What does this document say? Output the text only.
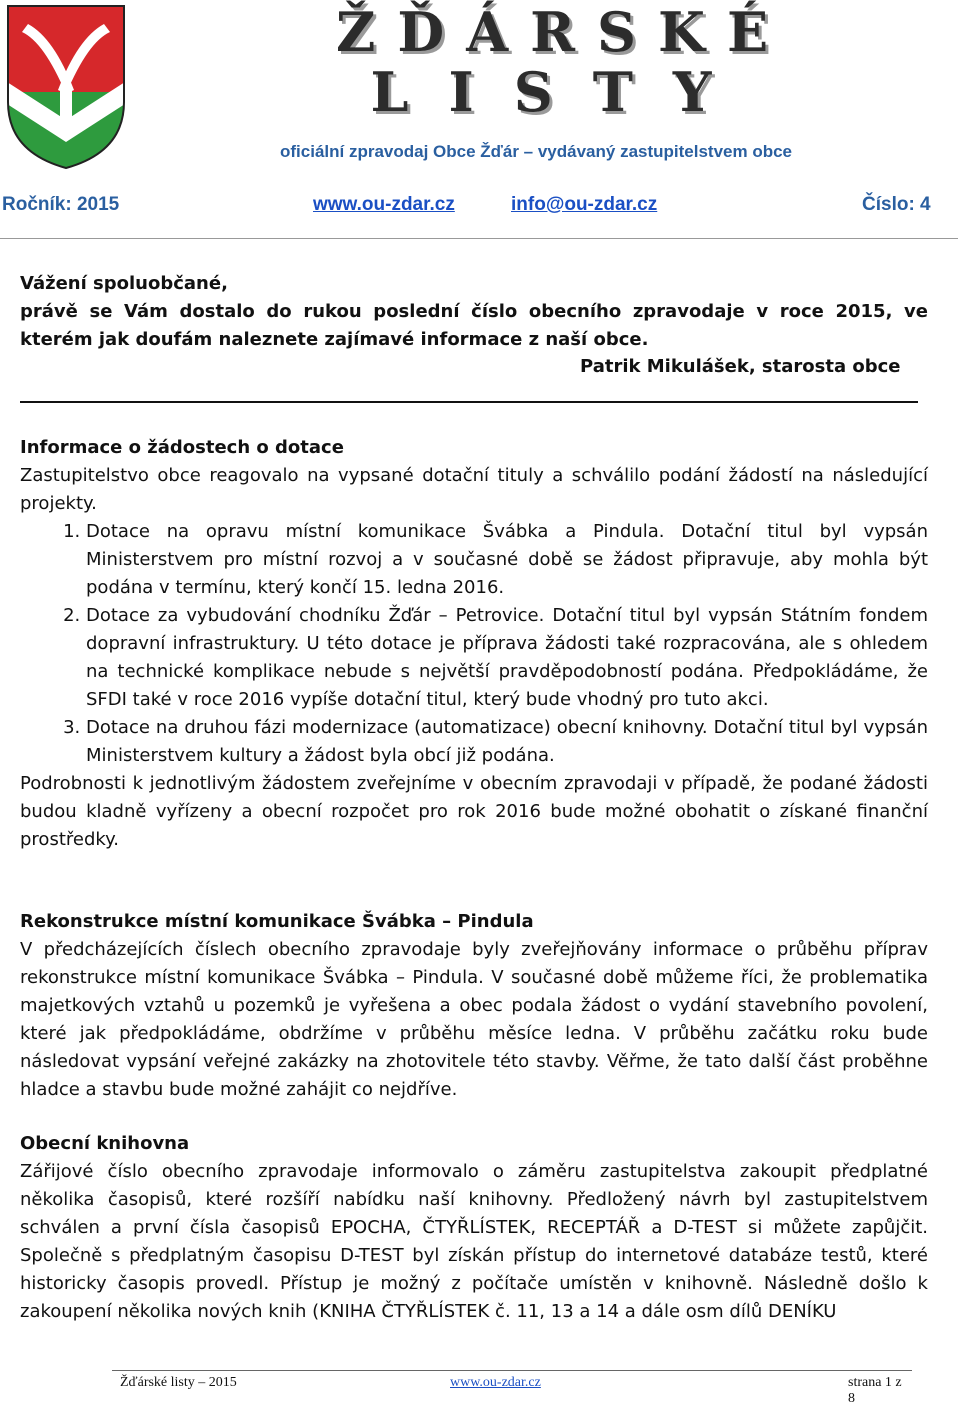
ŽĎÁRSKÉ
LISTY
oficiální zpravodaj Obce Žďár – vydávaný zastupitelstvem obce
Ročník: 2015	www.ou-zdar.cz	info@ou-zdar.cz	Číslo: 4
Vážení spoluobčané,

právě se Vám dostalo do rukou poslední číslo obecního zpravodaje v roce 2015, ve kterém jak doufám naleznete zajímavé informace z naší obce.

Patrik Mikulášek, starosta obce
Informace o žádostech o dotace

Zastupitelstvo obce reagovalo na vypsané dotační tituly a schválilo podání žádostí na následující projekty.

1. Dotace na opravu místní komunikace Švábka a Pindula. Dotační titul byl vypsán Ministerstvem pro místní rozvoj a v současné době se žádost připravuje, aby mohla být podána v termínu, který končí 15. ledna 2016.
2. Dotace za vybudování chodníku Žďár – Petrovice. Dotační titul byl vypsán Státním fondem dopravní infrastruktury. U této dotace je příprava žádosti také rozpracována, ale s ohledem na technické komplikace nebude s největší pravděpodobností podána. Předpokládáme, že SFDI také v roce 2016 vypíše dotační titul, který bude vhodný pro tuto akci.
3. Dotace na druhou fázi modernizace (automatizace) obecní knihovny. Dotační titul byl vypsán Ministerstvem kultury a žádost byla obcí již podána.

Podrobnosti k jednotlivým žádostem zveřejníme v obecním zpravodaji v případě, že podané žádosti budou kladně vyřízeny a obecní rozpočet pro rok 2016 bude možné obohatit o získané finanční prostředky.

Rekonstrukce místní komunikace Švábka – Pindula

V předcházejících číslech obecního zpravodaje byly zveřejňovány informace o průběhu příprav rekonstrukce místní komunikace Švábka – Pindula. V současné době můžeme říci, že problematika majetkových vztahů u pozemků je vyřešena a obec podala žádost o vydání stavebního povolení, které jak předpokládáme, obdržíme v průběhu měsíce ledna. V průběhu začátku roku bude následovat vypsání veřejné zakázky na zhotovitele této stavby. Věřme, že tato další část proběhne hladce a stavbu bude možné zahájit co nejdříve.

Obecní knihovna

Zářijové číslo obecního zpravodaje informovalo o záměru zastupitelstva zakoupit předplatné několika časopisů, které rozšíří nabídku naší knihovny. Předložený návrh byl zastupitelstvem schválen a první čísla časopisů EPOCHA, ČTYŘLÍSTEK, RECEPTÁŘ a D-TEST si můžete zapůjčit. Společně s předplatným časopisu D-TEST byl získán přístup do internetové databáze testů, které historicky časopis provedl. Přístup je možný z počítače umístěn v knihovně. Následně došlo k zakoupení několika nových knih (KNIHA ČTYŘLÍSTEK č. 11, 13 a 14 a dále osm dílů DENÍKU

Žďárské listy – 2015	www.ou-zdar.cz	strana 1 z 8
